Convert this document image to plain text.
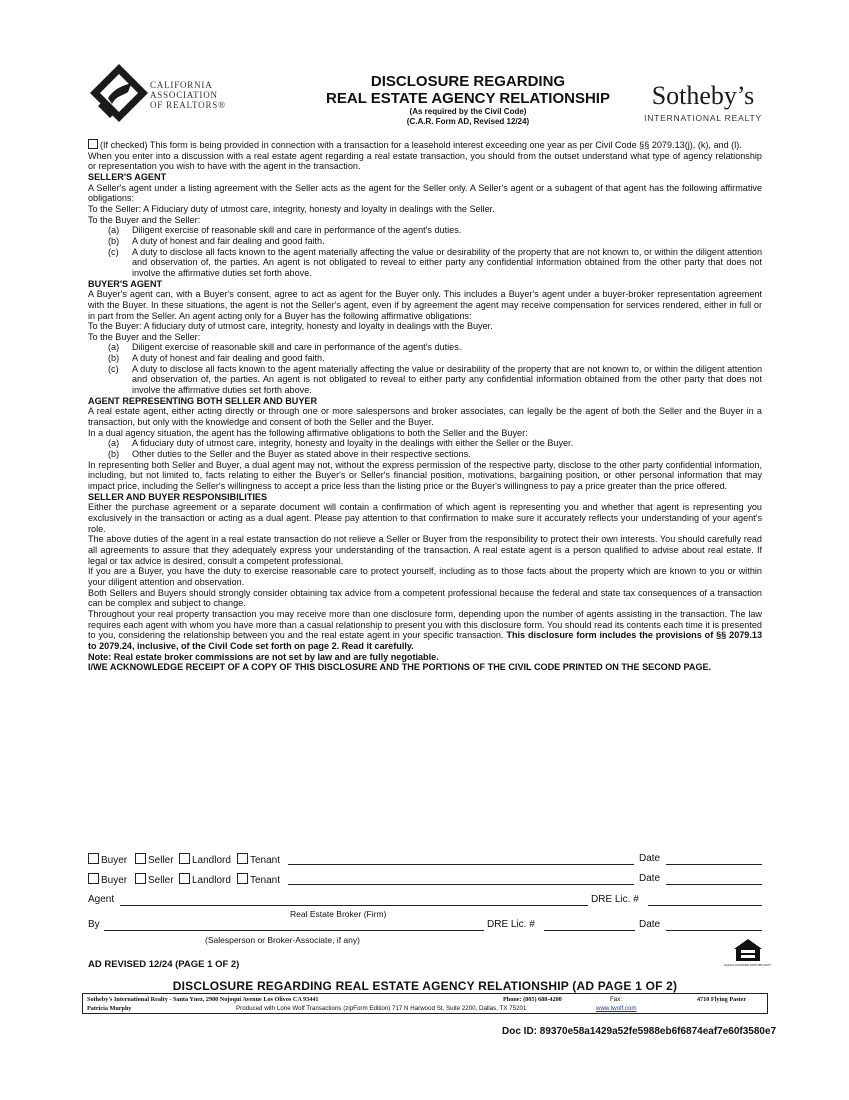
CALIFORNIA
ASSOCIATION
OF REALTORS®
DISCLOSURE REGARDING
REAL ESTATE AGENCY RELATIONSHIP
(As required by the Civil Code)
(C.A.R. Form AD, Revised 12/24)
Sotheby’s
INTERNATIONAL REALTY

(If checked) This form is being provided in connection with a transaction for a leasehold interest exceeding one year as per Civil Code §§ 2079.13(j), (k), and (l).

When you enter into a discussion with a real estate agent regarding a real estate transaction, you should from the outset understand what type of agency relationship or representation you wish to have with the agent in the transaction.

SELLER'S AGENT

A Seller's agent under a listing agreement with the Seller acts as the agent for the Seller only. A Seller's agent or a subagent of that agent has the following affirmative obligations:

To the Seller: A Fiduciary duty of utmost care, integrity, honesty and loyalty in dealings with the Seller.

To the Buyer and the Seller:

(a)	Diligent exercise of reasonable skill and care in performance of the agent's duties.
(b)	A duty of honest and fair dealing and good faith.
(c)	A duty to disclose all facts known to the agent materially affecting the value or desirability of the property that are not known to, or within the diligent attention and observation of, the parties. An agent is not obligated to reveal to either party any confidential information obtained from the other party that does not involve the affirmative duties set forth above.

BUYER'S AGENT

A Buyer's agent can, with a Buyer's consent, agree to act as agent for the Buyer only. This includes a Buyer's agent under a buyer-broker representation agreement with the Buyer. In these situations, the agent is not the Seller's agent, even if by agreement the agent may receive compensation for services rendered, either in full or in part from the Seller. An agent acting only for a Buyer has the following affirmative obligations:

To the Buyer: A fiduciary duty of utmost care, integrity, honesty and loyalty in dealings with the Buyer.

To the Buyer and the Seller:

(a)	Diligent exercise of reasonable skill and care in performance of the agent's duties.
(b)	A duty of honest and fair dealing and good faith.
(c)	A duty to disclose all facts known to the agent materially affecting the value or desirability of the property that are not known to, or within the diligent attention and observation of, the parties. An agent is not obligated to reveal to either party any confidential information obtained from the other party that does not involve the affirmative duties set forth above.

AGENT REPRESENTING BOTH SELLER AND BUYER

A real estate agent, either acting directly or through one or more salespersons and broker associates, can legally be the agent of both the Seller and the Buyer in a transaction, but only with the knowledge and consent of both the Seller and the Buyer.

In a dual agency situation, the agent has the following affirmative obligations to both the Seller and the Buyer:

(a)	A fiduciary duty of utmost care, integrity, honesty and loyalty in the dealings with either the Seller or the Buyer.
(b)	Other duties to the Seller and the Buyer as stated above in their respective sections.

In representing both Seller and Buyer, a dual agent may not, without the express permission of the respective party, disclose to the other party confidential information, including, but not limited to, facts relating to either the Buyer's or Seller's financial position, motivations, bargaining position, or other personal information that may impact price, including the Seller's willingness to accept a price less than the listing price or the Buyer's willingness to pay a price greater than the price offered.

SELLER AND BUYER RESPONSIBILITIES

Either the purchase agreement or a separate document will contain a confirmation of which agent is representing you and whether that agent is representing you exclusively in the transaction or acting as a dual agent. Please pay attention to that confirmation to make sure it accurately reflects your understanding of your agent's role.

The above duties of the agent in a real estate transaction do not relieve a Seller or Buyer from the responsibility to protect their own interests. You should carefully read all agreements to assure that they adequately express your understanding of the transaction. A real estate agent is a person qualified to advise about real estate. If legal or tax advice is desired, consult a competent professional.

If you are a Buyer, you have the duty to exercise reasonable care to protect yourself, including as to those facts about the property which are known to you or within your diligent attention and observation.

Both Sellers and Buyers should strongly consider obtaining tax advice from a competent professional because the federal and state tax consequences of a transaction can be complex and subject to change.

Throughout your real property transaction you may receive more than one disclosure form, depending upon the number of agents assisting in the transaction. The law requires each agent with whom you have more than a casual relationship to present you with this disclosure form. You should read its contents each time it is presented to you, considering the relationship between you and the real estate agent in your specific transaction. This disclosure form includes the provisions of §§ 2079.13 to 2079.24, inclusive, of the Civil Code set forth on page 2. Read it carefully.

Note: Real estate broker commissions are not set by law and are fully negotiable.

I/WE ACKNOWLEDGE RECEIPT OF A COPY OF THIS DISCLOSURE AND THE PORTIONS OF THE CIVIL CODE PRINTED ON THE SECOND PAGE.

Buyer	Seller	Landlord	Tenant	Date
Buyer	Seller	Landlord	Tenant	Date
Agent	DRE Lic. #
Real Estate Broker (Firm)
By	DRE Lic. #	Date
(Salesperson or Broker-Associate, if any)
AD REVISED 12/24 (PAGE 1 OF 2)	EQUAL HOUSING OPPORTUNITY
DISCLOSURE REGARDING REAL ESTATE AGENCY RELATIONSHIP (AD PAGE 1 OF 2)
Sotheby's International Realty - Santa Ynez, 2900 Nojoqui Avenue Los Olivos CA 93441	Phone: (805) 688-4200	Fax:	4710 Flying Paster
Patricia Murphy	Produced with Lone Wolf Transactions (zipForm Edition) 717 N Harwood St, Suite 2200, Dallas, TX 75201	www.lwolf.com
Doc ID: 89370e58a1429a52fe5988eb6f6874eaf7e60f3580e7
